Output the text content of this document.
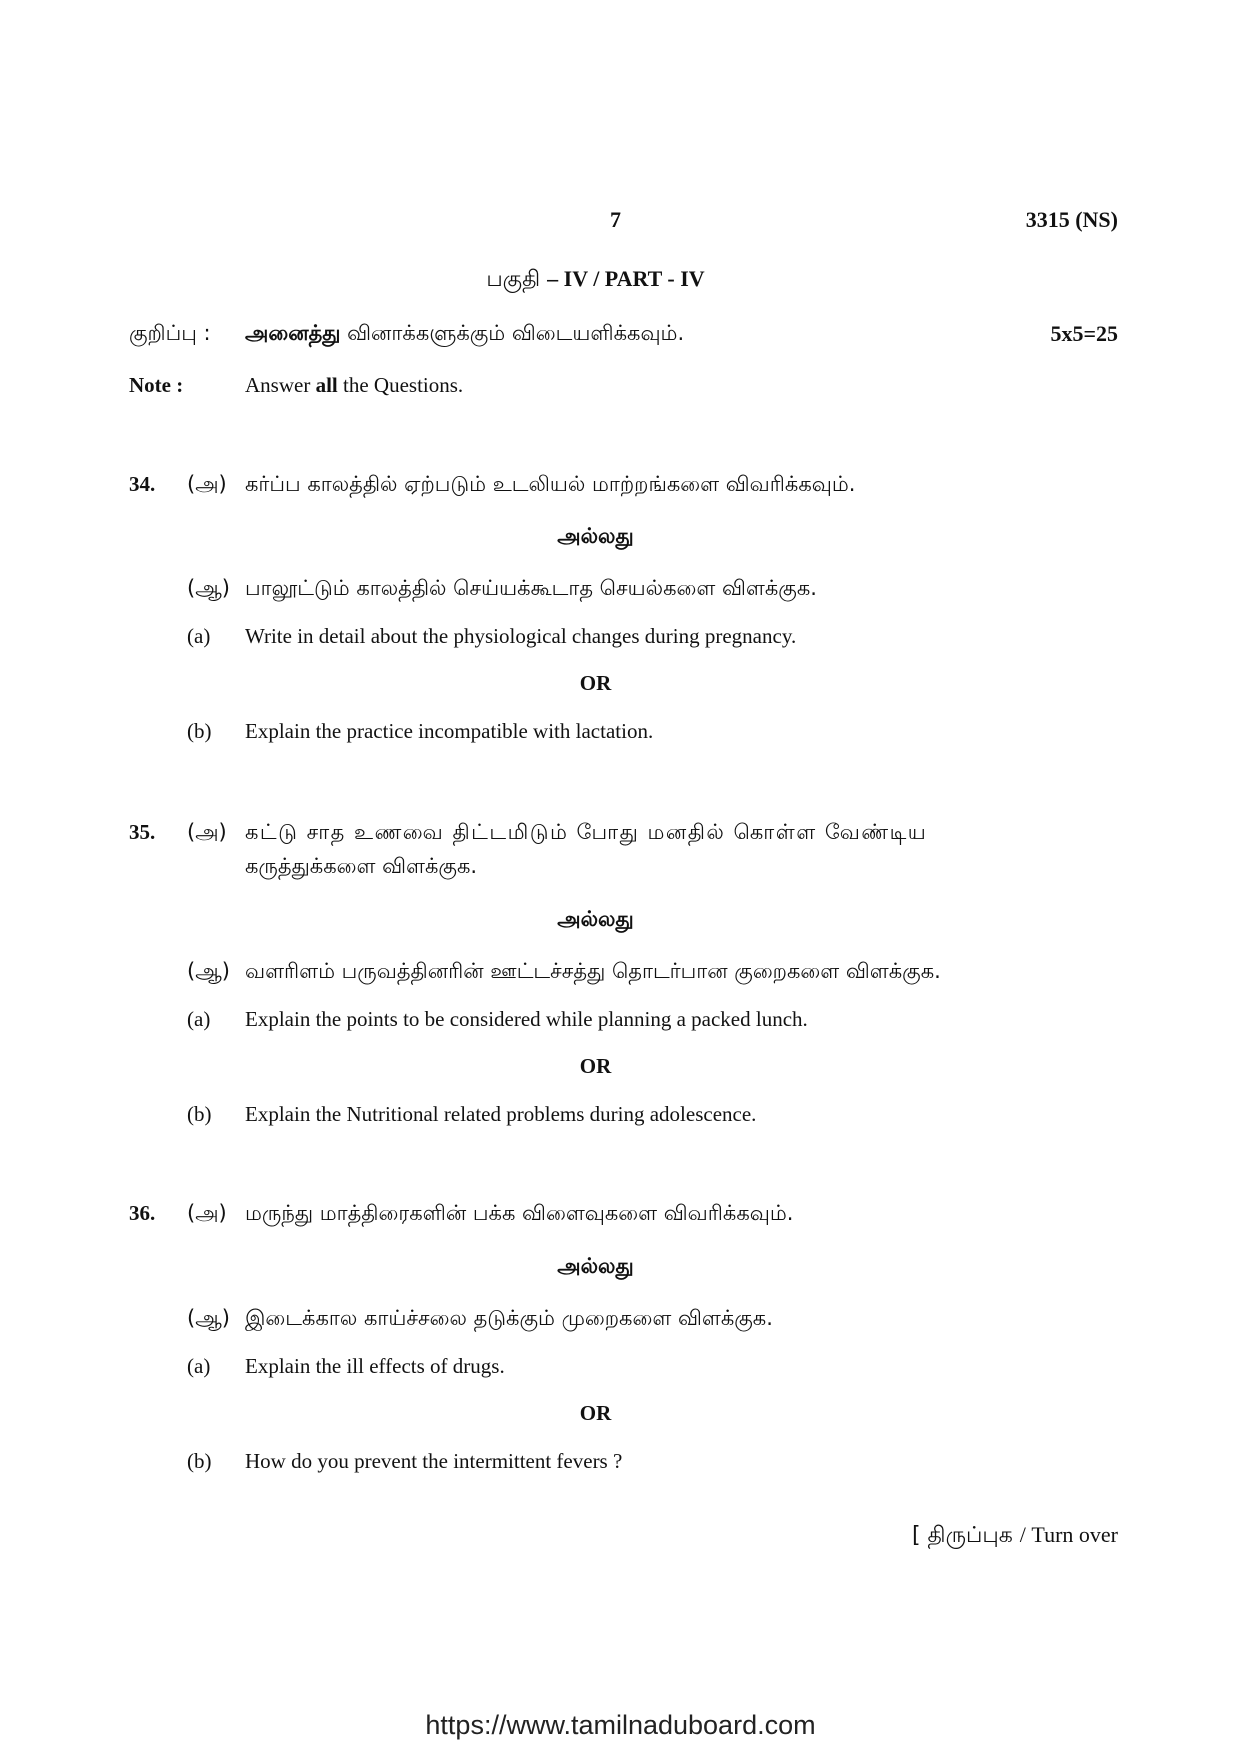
7	3315 (NS)
பகுதி – IV / PART - IV
குறிப்பு : அனைத்து வினாக்களுக்கும் விடையளிக்கவும்.	5x5=25
Note :	Answer all the Questions.
34. (அ) கர்ப்ப காலத்தில் ஏற்படும் உடலியல் மாற்றங்களை விவரிக்கவும்.
அல்லது
(ஆ) பாலூட்டும் காலத்தில் செய்யக்கூடாத செயல்களை விளக்குக.
(a) Write in detail about the physiological changes during pregnancy.
OR
(b) Explain the practice incompatible with lactation.
35. (அ) கட்டு சாத உணவை திட்டமிடும் போது மனதில் கொள்ள வேண்டிய
கருத்துக்களை விளக்குக.
அல்லது
(ஆ) வளரிளம் பருவத்தினரின் ஊட்டச்சத்து தொடர்பான குறைகளை விளக்குக.
(a) Explain the points to be considered while planning a packed lunch.
OR
(b) Explain the Nutritional related problems during adolescence.
36. (அ) மருந்து மாத்திரைகளின் பக்க விளைவுகளை விவரிக்கவும்.
அல்லது
(ஆ) இடைக்கால காய்ச்சலை தடுக்கும் முறைகளை விளக்குக.
(a) Explain the ill effects of drugs.
OR
(b) How do you prevent the intermittent fevers ?
[ திருப்புக / Turn over
https://www.tamilnaduboard.com
